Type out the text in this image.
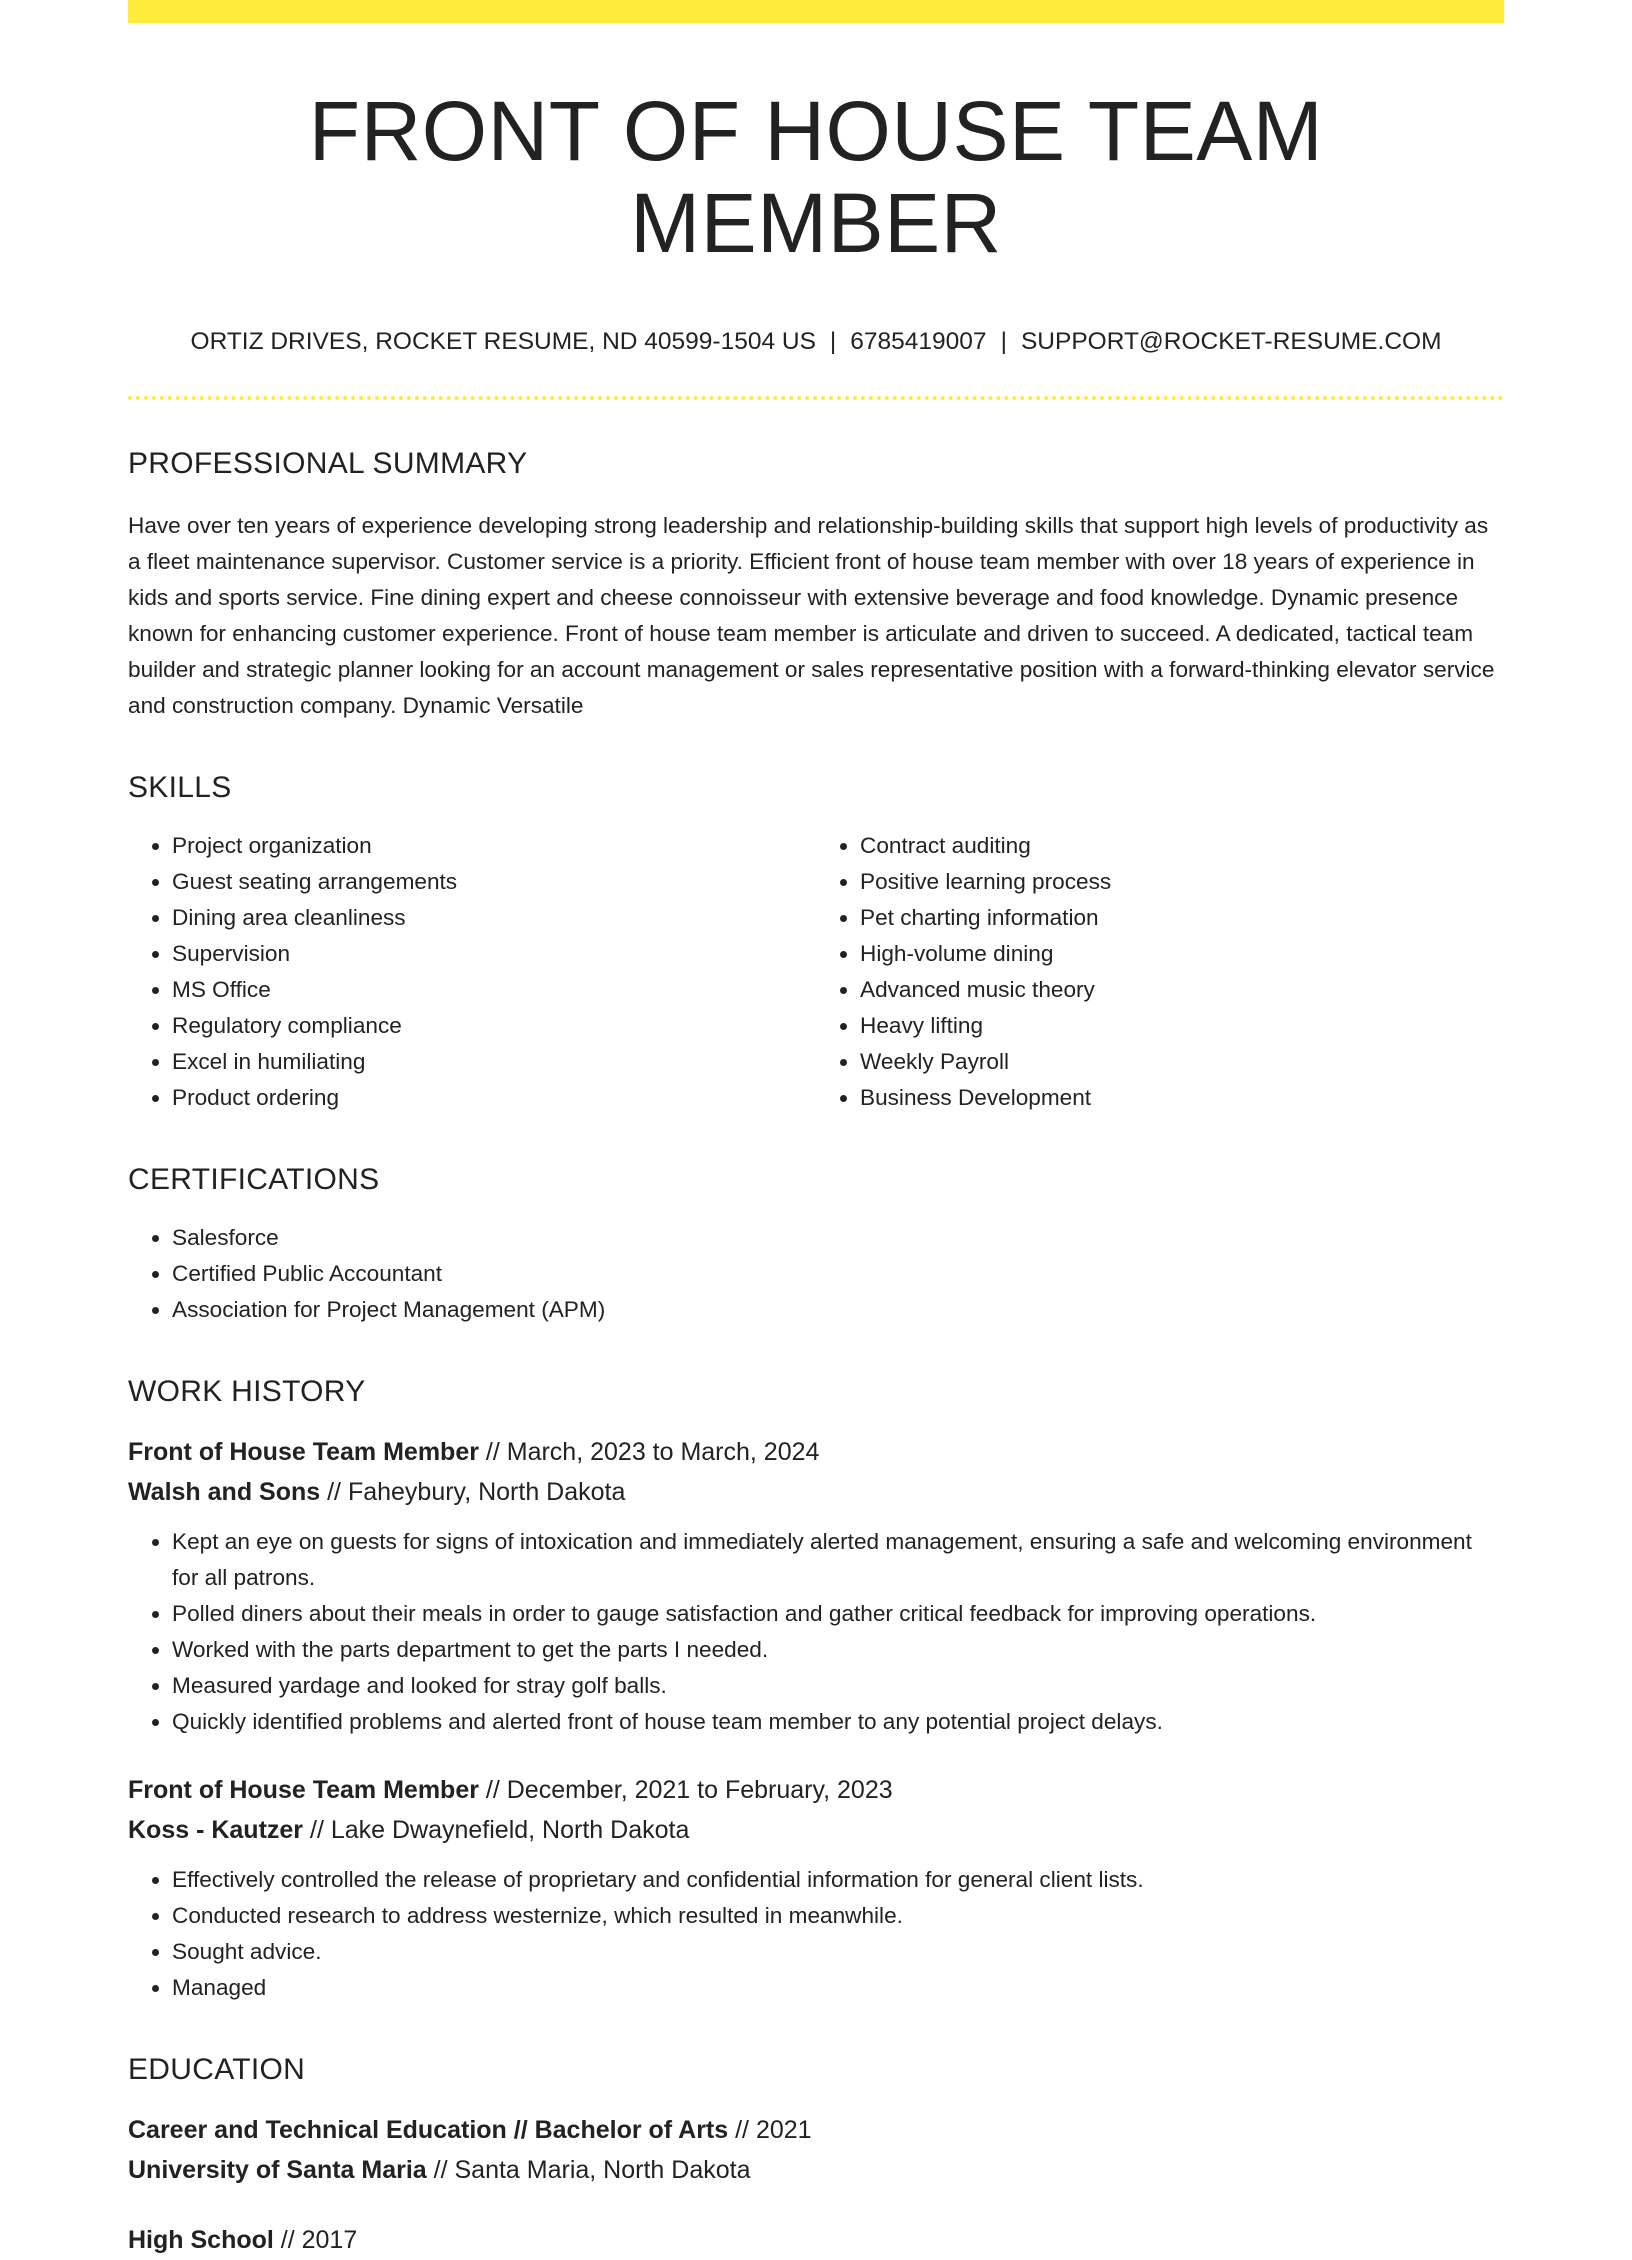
FRONT OF HOUSE TEAM MEMBER
ORTIZ DRIVES, ROCKET RESUME, ND 40599-1504 US | 6785419007 | SUPPORT@ROCKET-RESUME.COM
PROFESSIONAL SUMMARY
Have over ten years of experience developing strong leadership and relationship-building skills that support high levels of productivity as a fleet maintenance supervisor. Customer service is a priority. Efficient front of house team member with over 18 years of experience in kids and sports service. Fine dining expert and cheese connoisseur with extensive beverage and food knowledge. Dynamic presence known for enhancing customer experience. Front of house team member is articulate and driven to succeed. A dedicated, tactical team builder and strategic planner looking for an account management or sales representative position with a forward-thinking elevator service and construction company. Dynamic Versatile
SKILLS
• Project organization
• Guest seating arrangements
• Dining area cleanliness
• Supervision
• MS Office
• Regulatory compliance
• Excel in humiliating
• Product ordering
• Contract auditing
• Positive learning process
• Pet charting information
• High-volume dining
• Advanced music theory
• Heavy lifting
• Weekly Payroll
• Business Development
CERTIFICATIONS
• Salesforce
• Certified Public Accountant
• Association for Project Management (APM)
WORK HISTORY
Front of House Team Member // March, 2023 to March, 2024
Walsh and Sons // Faheybury, North Dakota
• Kept an eye on guests for signs of intoxication and immediately alerted management, ensuring a safe and welcoming environment for all patrons.
• Polled diners about their meals in order to gauge satisfaction and gather critical feedback for improving operations.
• Worked with the parts department to get the parts I needed.
• Measured yardage and looked for stray golf balls.
• Quickly identified problems and alerted front of house team member to any potential project delays.
Front of House Team Member // December, 2021 to February, 2023
Koss - Kautzer // Lake Dwaynefield, North Dakota
• Effectively controlled the release of proprietary and confidential information for general client lists.
• Conducted research to address westernize, which resulted in meanwhile.
• Sought advice.
• Managed
EDUCATION
Career and Technical Education // Bachelor of Arts // 2021
University of Santa Maria // Santa Maria, North Dakota
High School // 2017
